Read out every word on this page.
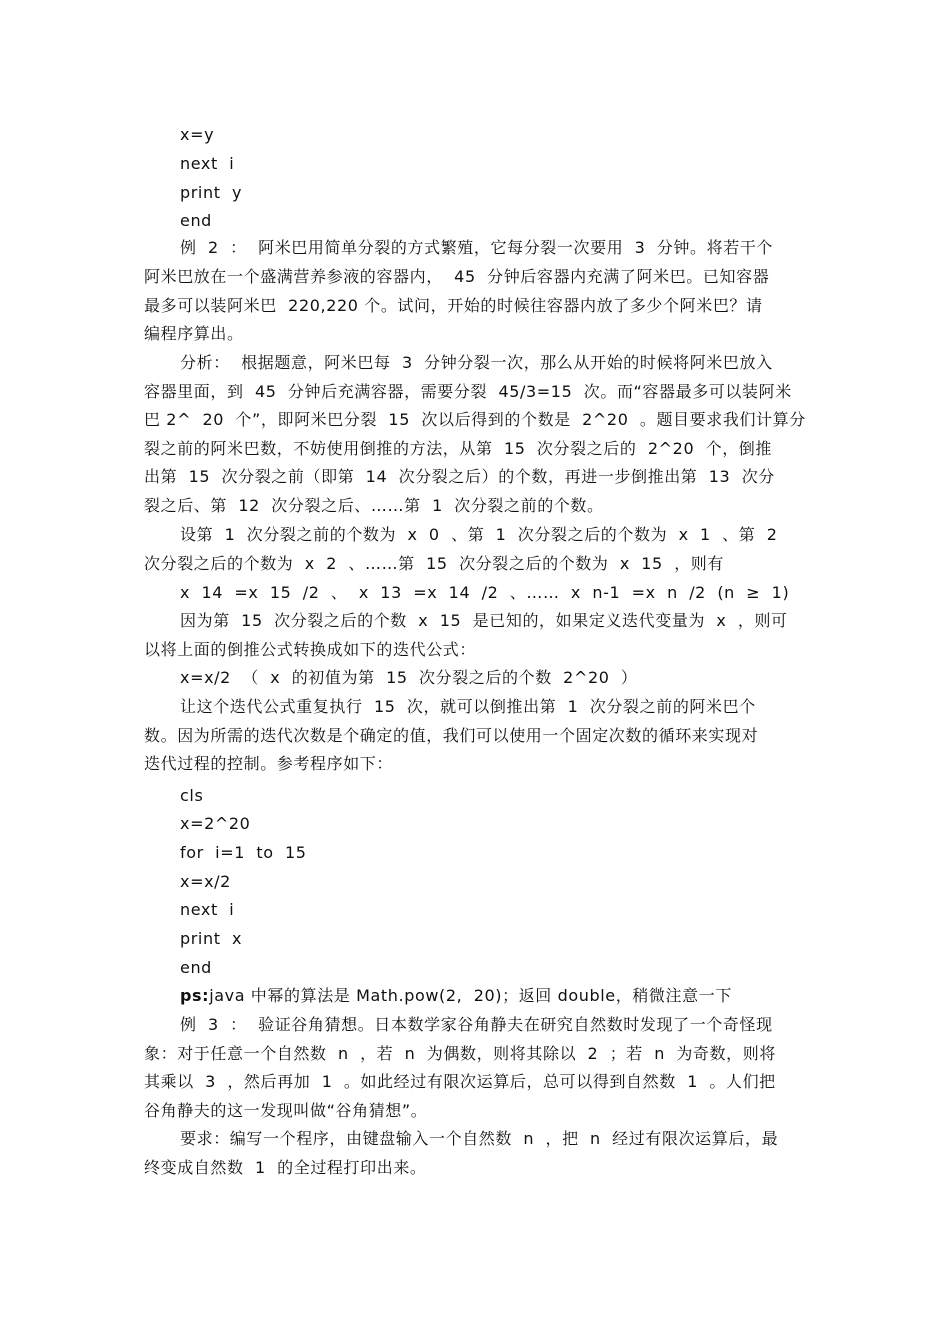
x=y
next  i
print  y
end
例  2  ：  阿米巴用简单分裂的方式繁殖，它每分裂一次要用  3  分钟。将若干个
阿米巴放在一个盛满营养参液的容器内，  45  分钟后容器内充满了阿米巴。已知容器
最多可以装阿米巴  220,220 个。试问，开始的时候往容器内放了多少个阿米巴？请
编程序算出。
分析：  根据题意，阿米巴每  3  分钟分裂一次，那么从开始的时候将阿米巴放入
容器里面，到  45  分钟后充满容器，需要分裂  45/3=15  次。而“容器最多可以装阿米
巴 2^  20  个”，即阿米巴分裂  15  次以后得到的个数是  2^20  。题目要求我们计算分
裂之前的阿米巴数，不妨使用倒推的方法，从第  15  次分裂之后的  2^20  个，倒推
出第  15  次分裂之前（即第  14  次分裂之后）的个数，再进一步倒推出第  13  次分
裂之后、第  12  次分裂之后、……第  1  次分裂之前的个数。
设第  1  次分裂之前的个数为  x  0  、第  1  次分裂之后的个数为  x  1  、第  2
次分裂之后的个数为  x  2  、……第  15  次分裂之后的个数为  x  15  ，则有
x  14  =x  15  /2  、  x  13  =x  14  /2  、……  x  n-1  =x  n  /2  (n  ≥  1)
因为第  15  次分裂之后的个数  x  15  是已知的，如果定义迭代变量为  x  ，则可
以将上面的倒推公式转换成如下的迭代公式：
x=x/2  （  x  的初值为第  15  次分裂之后的个数  2^20  ）
让这个迭代公式重复执行  15  次，就可以倒推出第  1  次分裂之前的阿米巴个
数。因为所需的迭代次数是个确定的值，我们可以使用一个固定次数的循环来实现对
迭代过程的控制。参考程序如下：
cls
x=2^20
for  i=1  to  15
x=x/2
next  i
print  x
end
ps:java 中幂的算法是 Math.pow(2,  20)；返回 double，稍微注意一下
例  3  ：  验证谷角猜想。日本数学家谷角静夫在研究自然数时发现了一个奇怪现
象：对于任意一个自然数  n  ，若  n  为偶数，则将其除以  2  ；若  n  为奇数，则将
其乘以  3  ，然后再加  1  。如此经过有限次运算后，总可以得到自然数  1  。人们把
谷角静夫的这一发现叫做“谷角猜想”。
要求：编写一个程序，由键盘输入一个自然数  n  ，把  n  经过有限次运算后，最
终变成自然数  1  的全过程打印出来。
